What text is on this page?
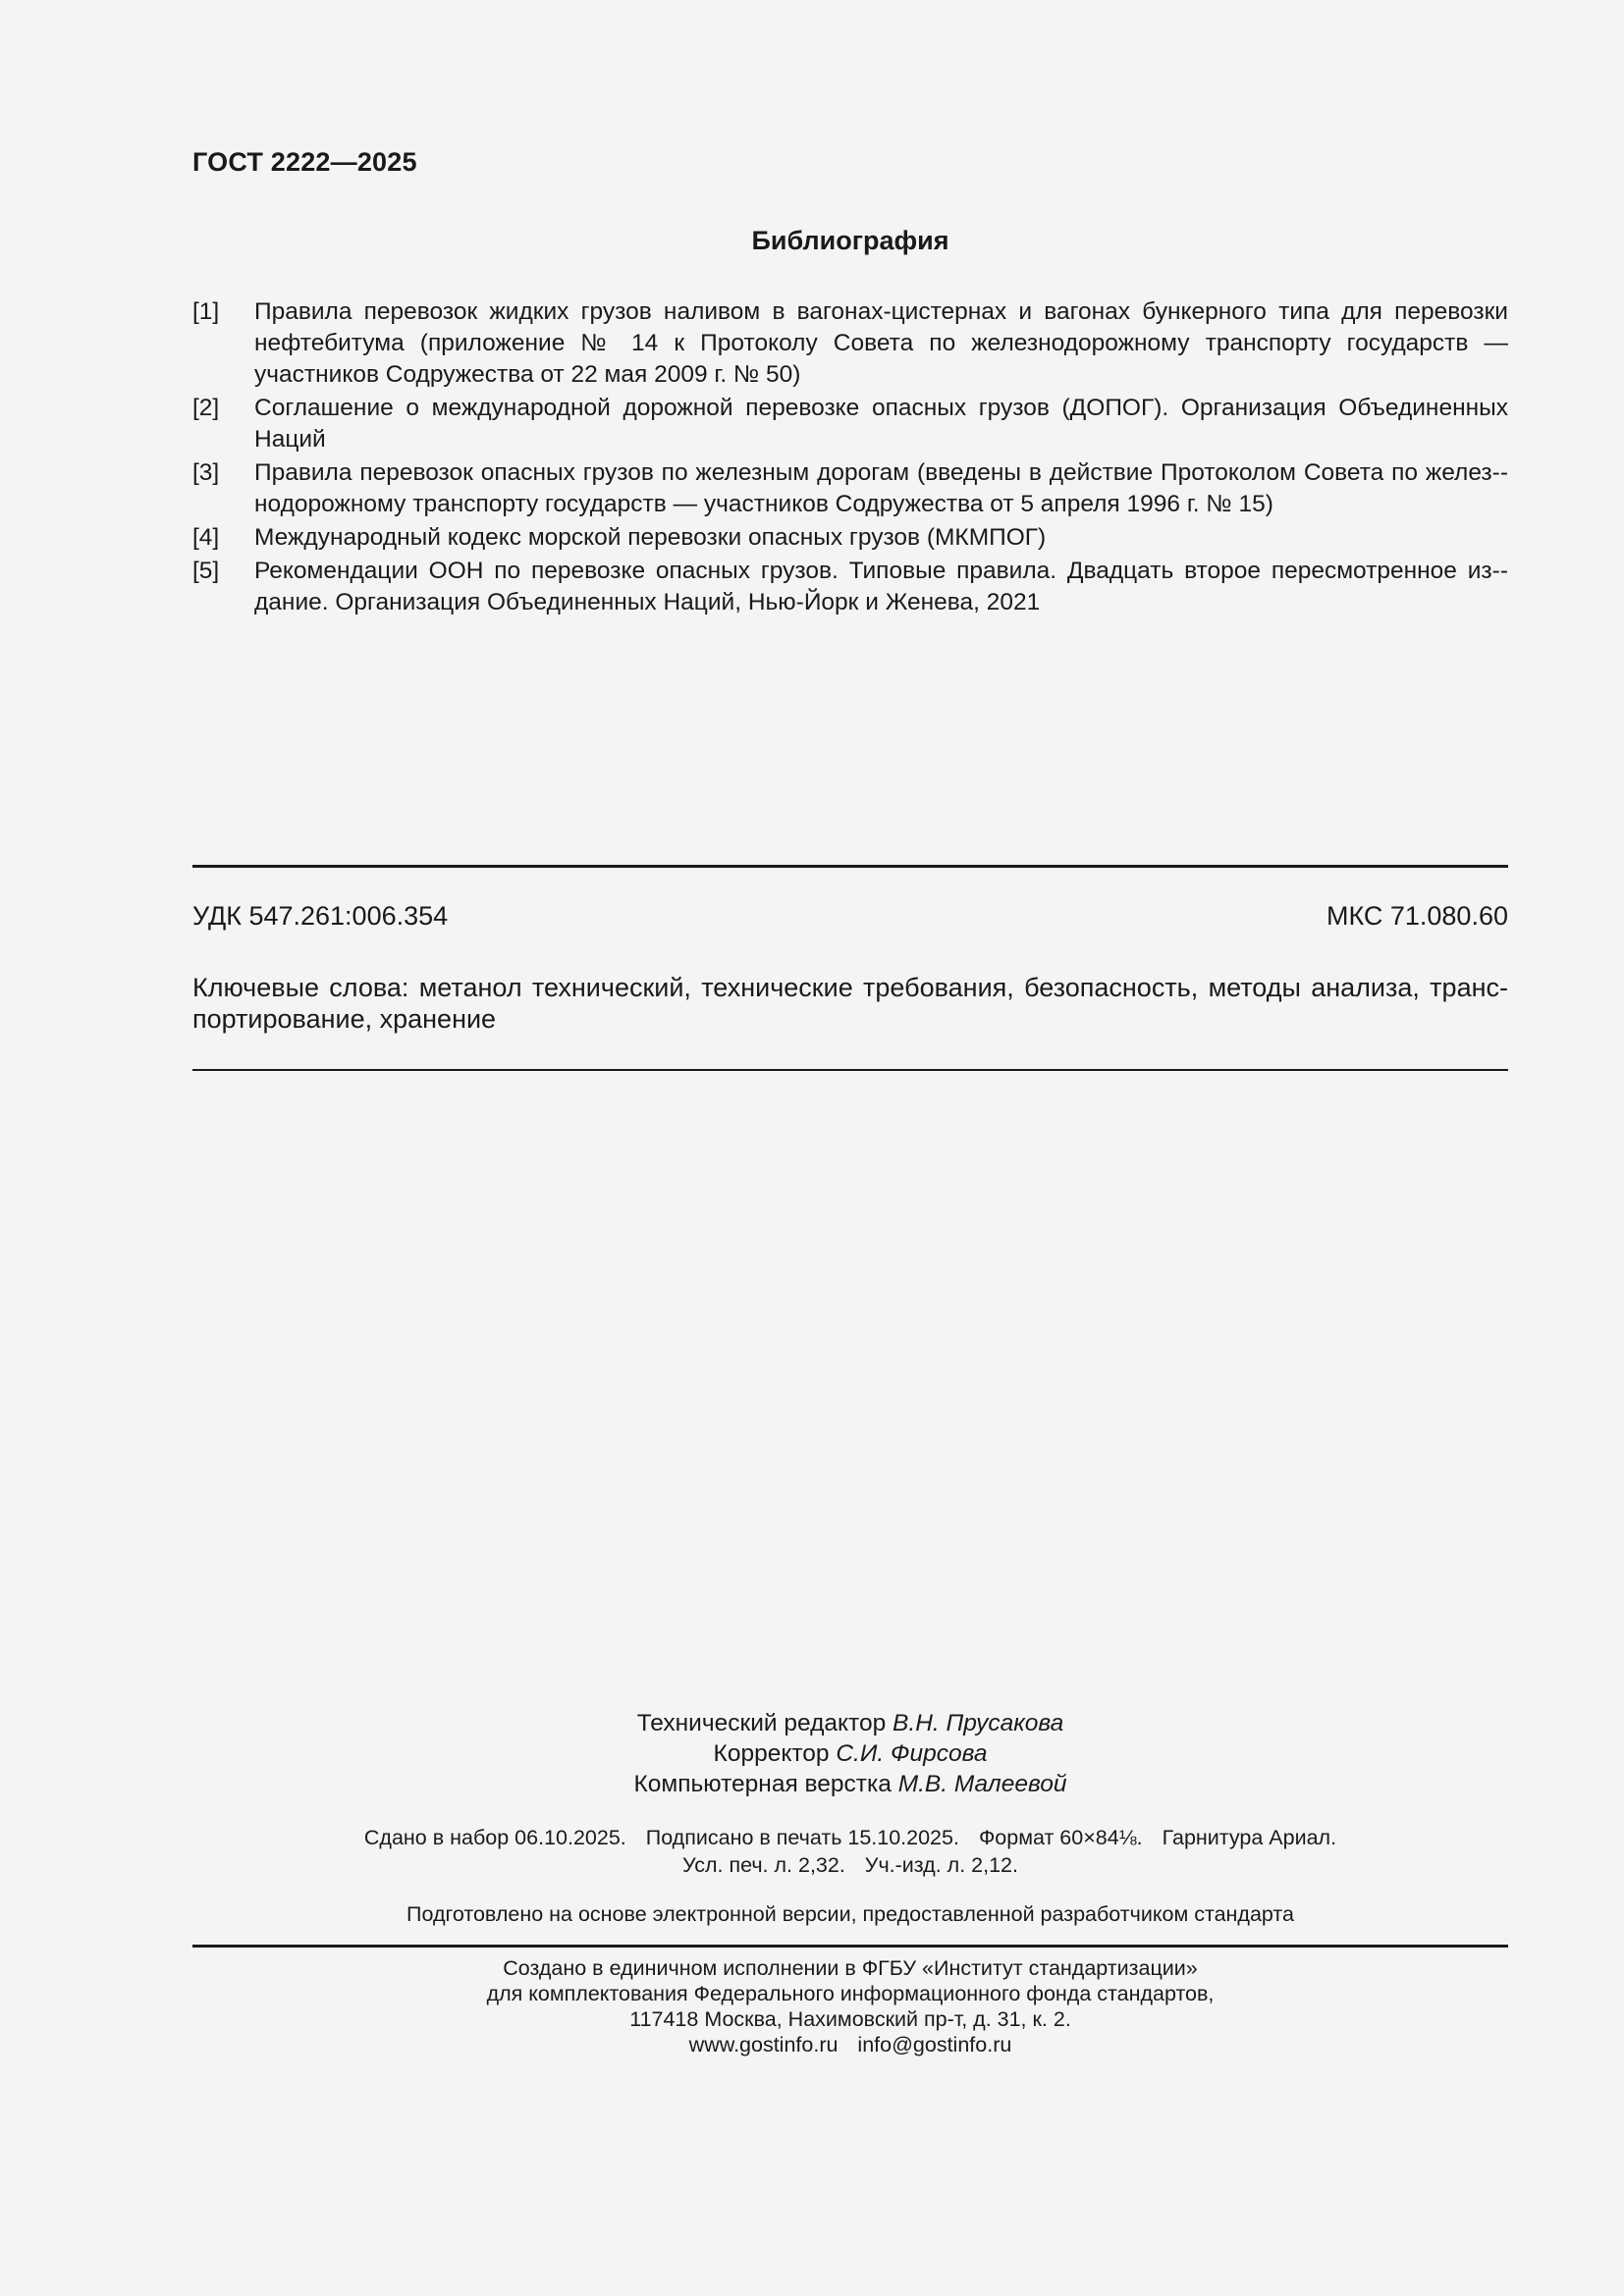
ГОСТ 2222—2025
Библиография
[1]	Правила перевозок жидких грузов наливом в вагонах-цистернах и вагонах бункерного типа для перевозки нефтебитума (приложение № 14 к Протоколу Совета по железнодорожному транспорту государств — участников Содружества от 22 мая 2009 г. № 50)
[2]	Соглашение о международной дорожной перевозке опасных грузов (ДОПОГ). Организация Объединенных Наций
[3]	Правила перевозок опасных грузов по железным дорогам (введены в действие Протоколом Совета по желез-нодорожному транспорту государств — участников Содружества от 5 апреля 1996 г. № 15)
[4]	Международный кодекс морской перевозки опасных грузов (МКМПОГ)
[5]	Рекомендации ООН по перевозке опасных грузов. Типовые правила. Двадцать второе пересмотренное из-дание. Организация Объединенных Наций, Нью-Йорк и Женева, 2021
УДК 547.261:006.354	МКС 71.080.60
Ключевые слова: метанол технический, технические требования, безопасность, методы анализа, транс-портирование, хранение
Технический редактор В.Н. Прусакова
Корректор С.И. Фирсова
Компьютерная верстка М.В. Малеевой
Сдано в набор 06.10.2025. Подписано в печать 15.10.2025. Формат 60×84⅛. Гарнитура Ариал.
Усл. печ. л. 2,32. Уч.-изд. л. 2,12.
Подготовлено на основе электронной версии, предоставленной разработчиком стандарта
Создано в единичном исполнении в ФГБУ «Институт стандартизации»
для комплектования Федерального информационного фонда стандартов,
117418 Москва, Нахимовский пр-т, д. 31, к. 2.
www.gostinfo.ru info@gostinfo.ru
